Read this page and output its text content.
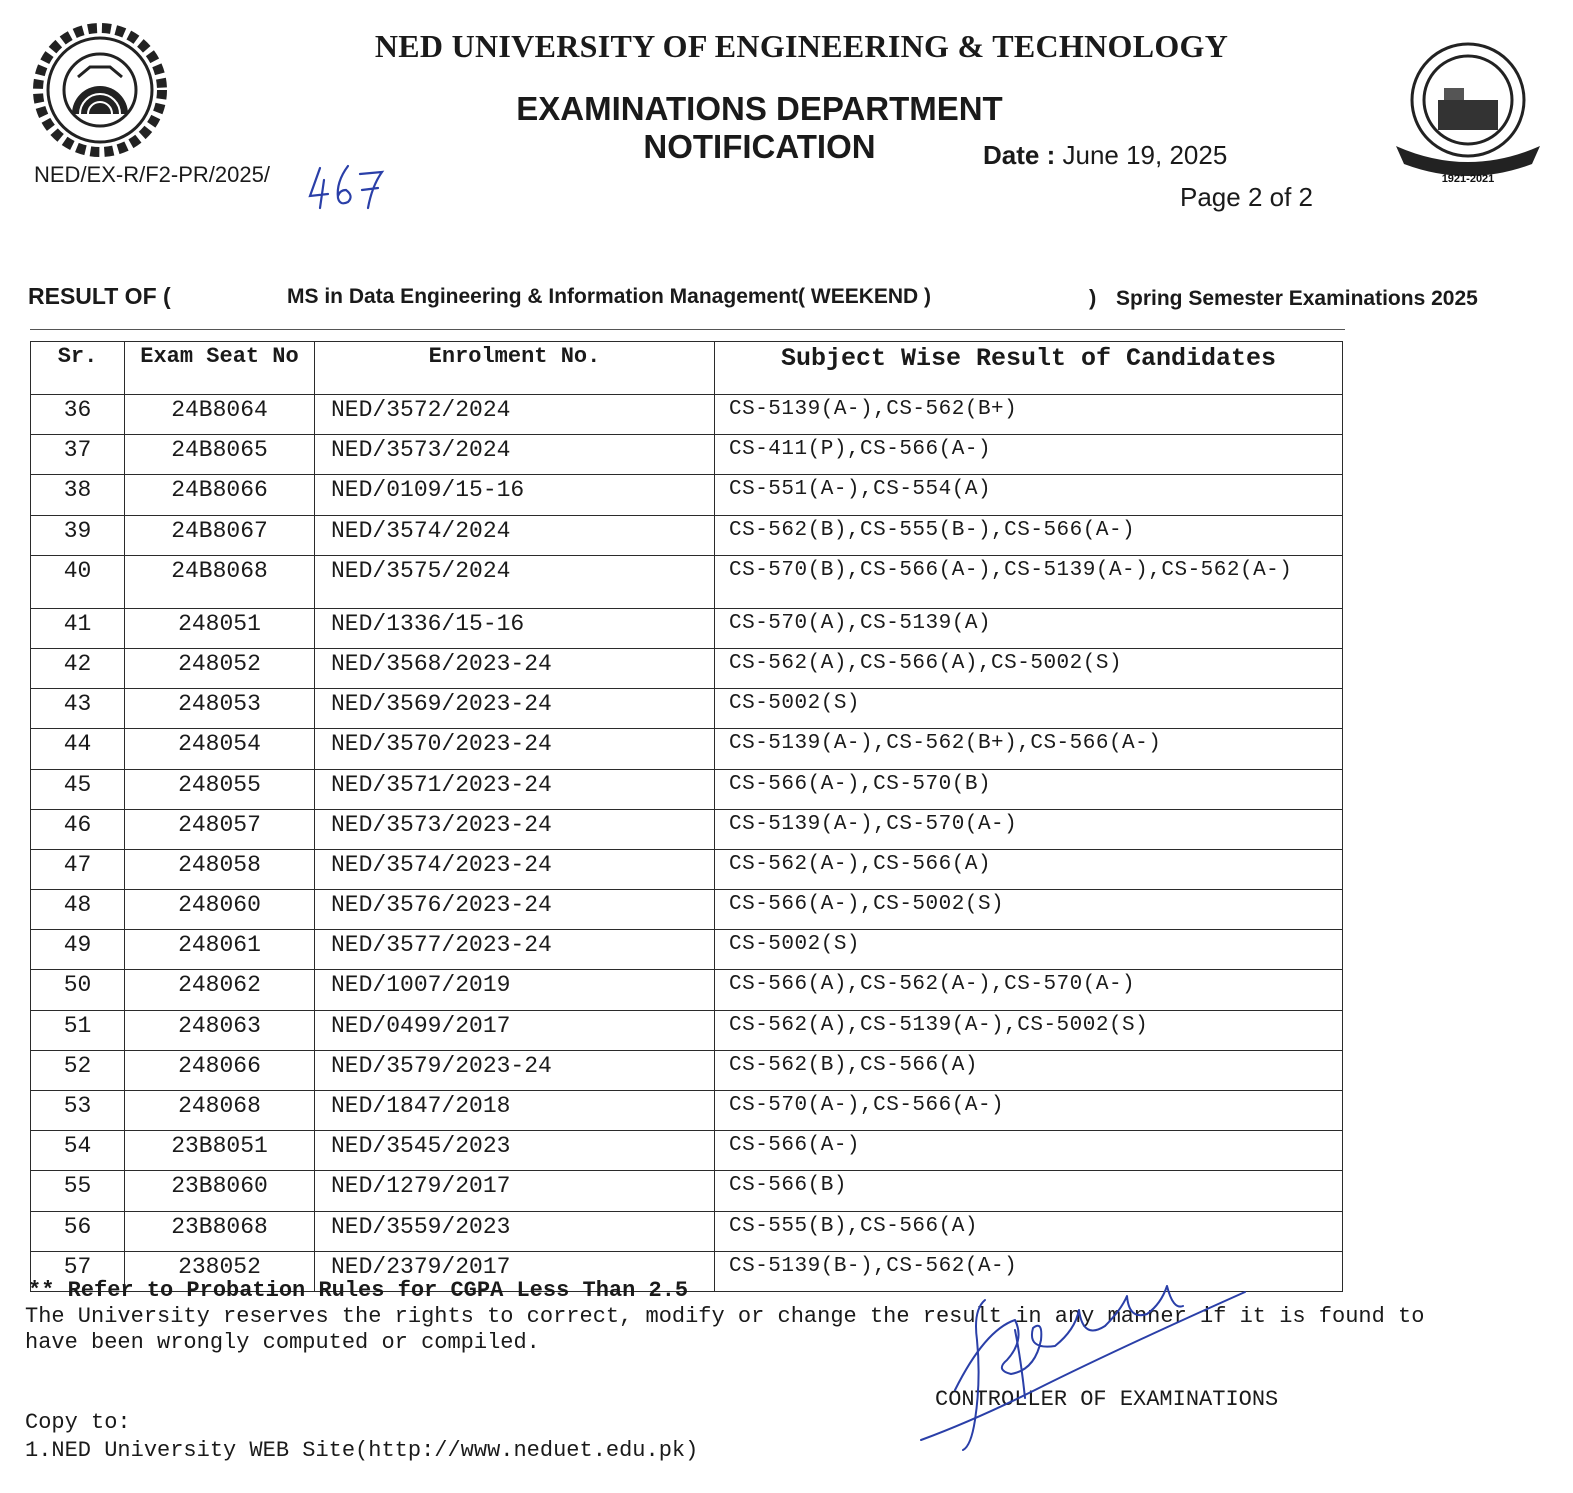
1921-2021
NED UNIVERSITY OF ENGINEERING & TECHNOLOGY
EXAMINATIONS DEPARTMENT
NOTIFICATION	Date : June 19, 2025
Page 2 of 2
NED/EX-R/F2-PR/2025/
RESULT OF (	MS in Data Engineering & Information Management( WEEKEND )	) Spring Semester Examinations 2025
Sr.	Exam Seat No	Enrolment No.	Subject Wise Result of Candidates
36	24B8064	NED/3572/2024	CS-5139(A-),CS-562(B+)
37	24B8065	NED/3573/2024	CS-411(P),CS-566(A-)
38	24B8066	NED/0109/15-16	CS-551(A-),CS-554(A)
39	24B8067	NED/3574/2024	CS-562(B),CS-555(B-),CS-566(A-)
40	24B8068	NED/3575/2024	CS-570(B),CS-566(A-),CS-5139(A-),CS-562(A-)
41	248051	NED/1336/15-16	CS-570(A),CS-5139(A)
42	248052	NED/3568/2023-24	CS-562(A),CS-566(A),CS-5002(S)
43	248053	NED/3569/2023-24	CS-5002(S)
44	248054	NED/3570/2023-24	CS-5139(A-),CS-562(B+),CS-566(A-)
45	248055	NED/3571/2023-24	CS-566(A-),CS-570(B)
46	248057	NED/3573/2023-24	CS-5139(A-),CS-570(A-)
47	248058	NED/3574/2023-24	CS-562(A-),CS-566(A)
48	248060	NED/3576/2023-24	CS-566(A-),CS-5002(S)
49	248061	NED/3577/2023-24	CS-5002(S)
50	248062	NED/1007/2019	CS-566(A),CS-562(A-),CS-570(A-)
51	248063	NED/0499/2017	CS-562(A),CS-5139(A-),CS-5002(S)
52	248066	NED/3579/2023-24	CS-562(B),CS-566(A)
53	248068	NED/1847/2018	CS-570(A-),CS-566(A-)
54	23B8051	NED/3545/2023	CS-566(A-)
55	23B8060	NED/1279/2017	CS-566(B)
56	23B8068	NED/3559/2023	CS-555(B),CS-566(A)
57	238052	NED/2379/2017	CS-5139(B-),CS-562(A-)
** Refer to Probation Rules for CGPA Less Than 2.5
The University reserves the rights to correct, modify or change the result in any manner if it is found to have been wrongly computed or compiled.
CONTROLLER OF EXAMINATIONS
Copy to:
1.NED University WEB Site(http://www.neduet.edu.pk)
